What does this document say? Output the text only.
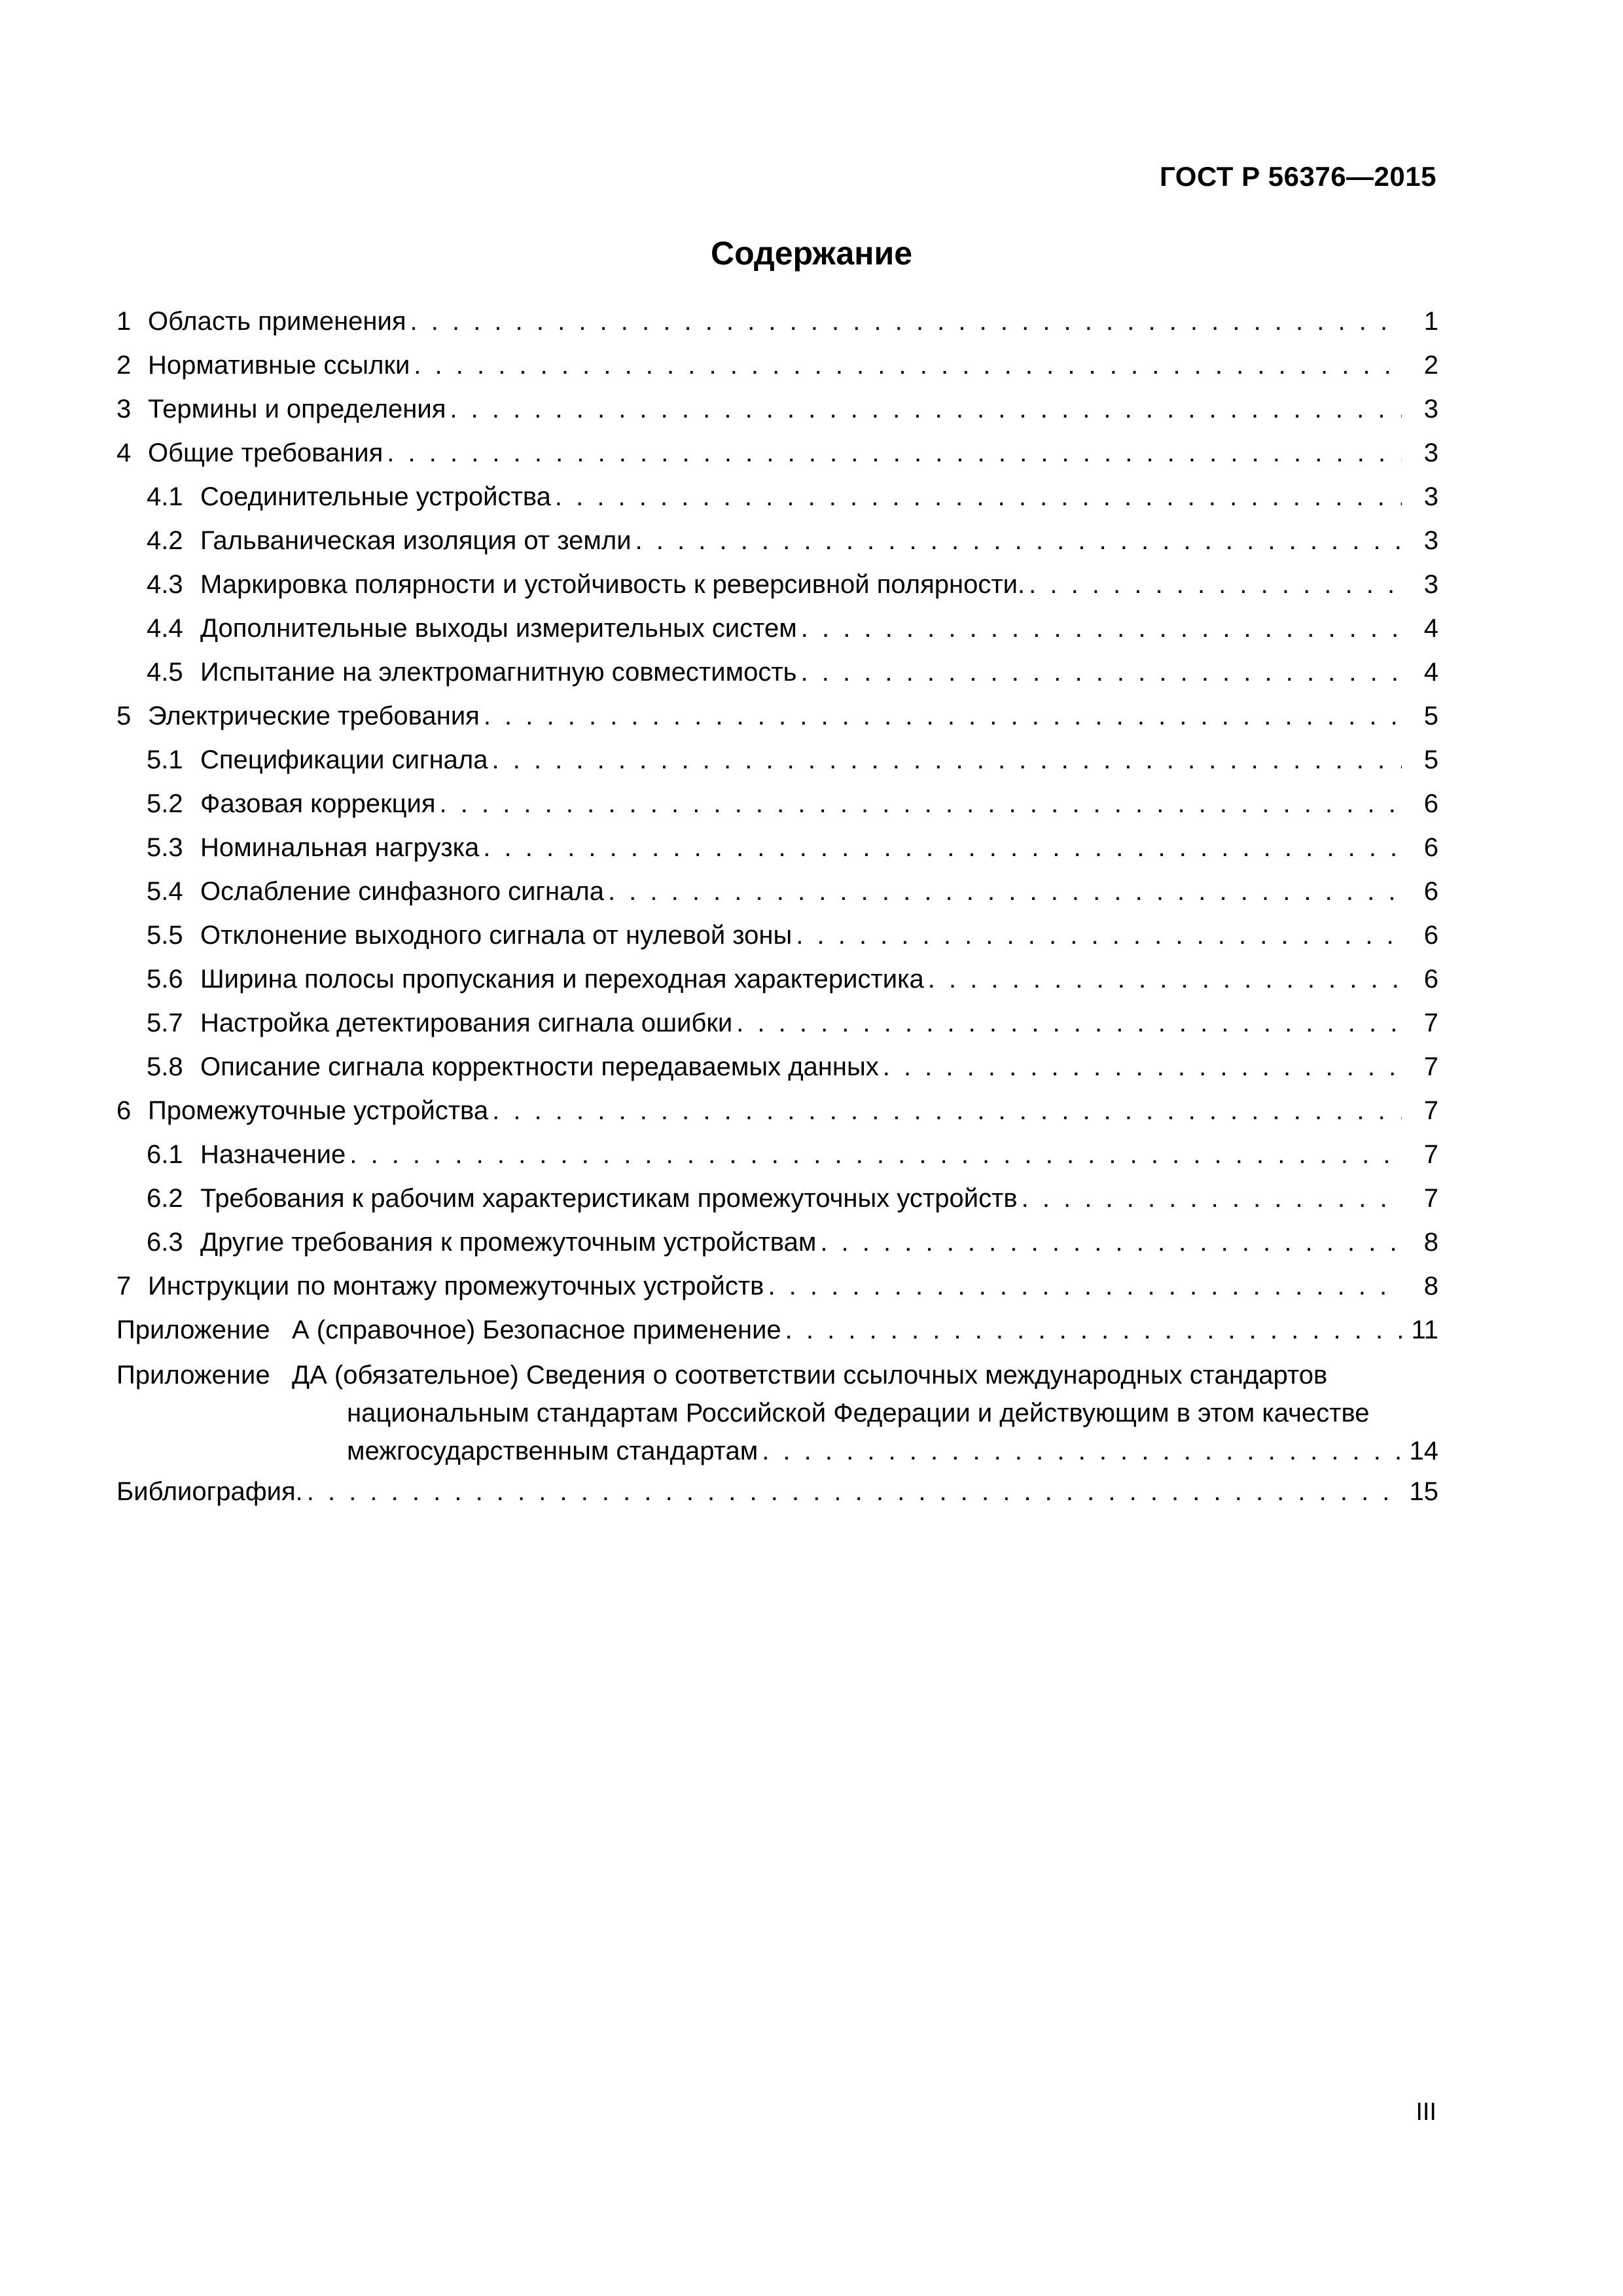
ГОСТ Р 56376—2015
Содержание
1 Область применения . . .	1
2 Нормативные ссылки . . .	2
3 Термины и определения . . .	3
4 Общие требования . . .	3
4.1 Соединительные устройства . . .	3
4.2 Гальваническая изоляция от земли . . .	3
4.3 Маркировка полярности и устойчивость к реверсивной полярности. . . .	3
4.4 Дополнительные выходы измерительных систем . . .	4
4.5 Испытание на электромагнитную совместимость . . .	4
5 Электрические требования . . .	5
5.1 Спецификации сигнала . . .	5
5.2 Фазовая коррекция . . .	6
5.3 Номинальная нагрузка . . .	6
5.4 Ослабление синфазного сигнала . . .	6
5.5 Отклонение выходного сигнала от нулевой зоны . . .	6
5.6 Ширина полосы пропускания и переходная характеристика . . .	6
5.7 Настройка детектирования сигнала ошибки . . .	7
5.8 Описание сигнала корректности передаваемых данных . . .	7
6 Промежуточные устройства . . .	7
6.1 Назначение . . .	7
6.2 Требования к рабочим характеристикам промежуточных устройств . . .	7
6.3 Другие требования к промежуточным устройствам . . .	8
7 Инструкции по монтажу промежуточных устройств . . .	8
Приложение А (справочное) Безопасное применение . . .	11
Приложение ДА (обязательное) Сведения о соответствии ссылочных международных стандартов
национальным стандартам Российской Федерации и действующим в этом качестве
межгосударственным стандартам . . .	14
Библиография. . . .	15
III
